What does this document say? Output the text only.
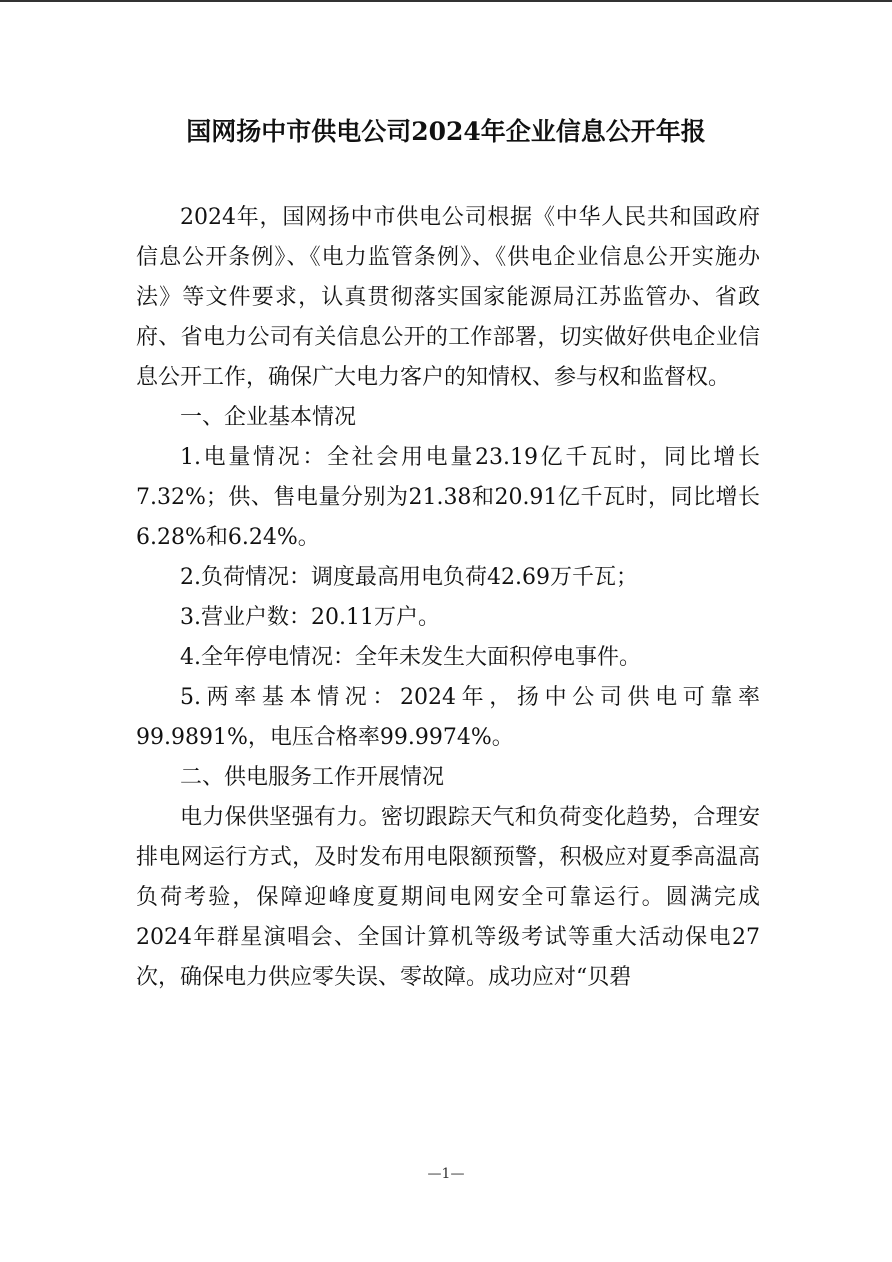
国网扬中市供电公司2024年企业信息公开年报

2024年，国网扬中市供电公司根据《中华人民共和国政府信息公开条例》、《电力监管条例》、《供电企业信息公开实施办法》等文件要求，认真贯彻落实国家能源局江苏监管办、省政府、省电力公司有关信息公开的工作部署，切实做好供电企业信息公开工作，确保广大电力客户的知情权、参与权和监督权。

一、企业基本情况

1.电量情况：全社会用电量23.19亿千瓦时，同比增长7.32%；供、售电量分别为21.38和20.91亿千瓦时，同比增长6.28%和6.24%。

2.负荷情况：调度最高用电负荷42.69万千瓦；

3.营业户数：20.11万户。

4.全年停电情况：全年未发生大面积停电事件。

5.两率基本情况：2024年，扬中公司供电可靠率99.9891%，电压合格率99.9974%。

二、供电服务工作开展情况

电力保供坚强有力。密切跟踪天气和负荷变化趋势，合理安排电网运行方式，及时发布用电限额预警，积极应对夏季高温高负荷考验，保障迎峰度夏期间电网安全可靠运行。圆满完成2024年群星演唱会、全国计算机等级考试等重大活动保电27次，确保电力供应零失误、零故障。成功应对“贝碧

—1—
